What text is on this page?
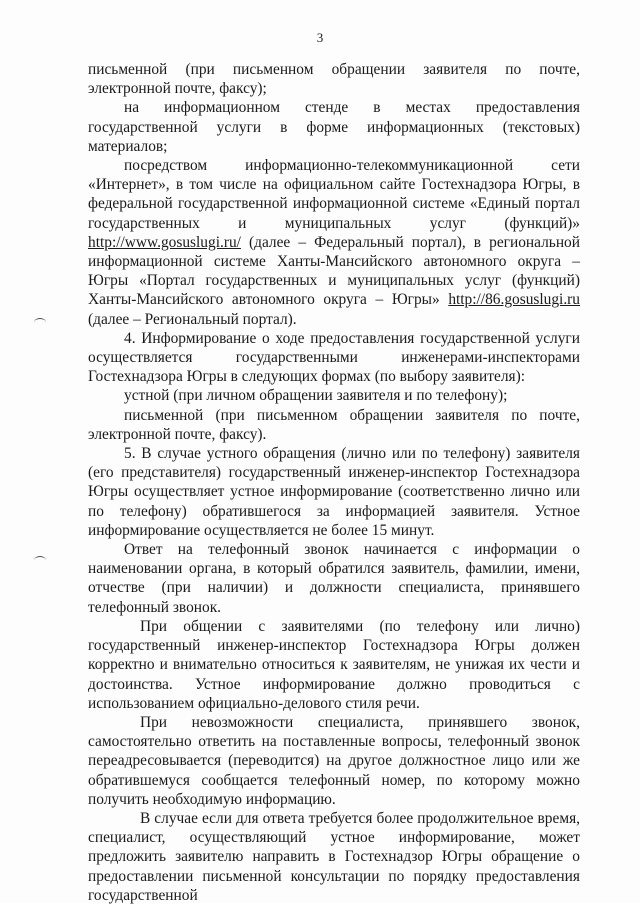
3

письменной (при письменном обращении заявителя по почте, электронной почте, факсу);

на информационном стенде в местах предоставления государственной услуги в форме информационных (текстовых) материалов;

посредством информационно-телекоммуникационной сети «Интернет», в том числе на официальном сайте Гостехнадзора Югры, в федеральной государственной информационной системе «Единый портал государственных и муниципальных услуг (функций)» http://www.gosuslugi.ru/ (далее – Федеральный портал), в региональной информационной системе Ханты-Мансийского автономного округа – Югры «Портал государственных и муниципальных услуг (функций) Ханты-Мансийского автономного округа – Югры» http://86.gosuslugi.ru (далее – Региональный портал).

4. Информирование о ходе предоставления государственной услуги осуществляется государственными инженерами-инспекторами Гостехнадзора Югры в следующих формах (по выбору заявителя):

устной (при личном обращении заявителя и по телефону);

письменной (при письменном обращении заявителя по почте, электронной почте, факсу).

5. В случае устного обращения (лично или по телефону) заявителя (его представителя) государственный инженер-инспектор Гостехнадзора Югры осуществляет устное информирование (соответственно лично или по телефону) обратившегося за информацией заявителя. Устное информирование осуществляется не более 15 минут.

Ответ на телефонный звонок начинается с информации о наименовании органа, в который обратился заявитель, фамилии, имени, отчестве (при наличии) и должности специалиста, принявшего телефонный звонок.

При общении с заявителями (по телефону или лично) государственный инженер-инспектор Гостехнадзора Югры должен корректно и внимательно относиться к заявителям, не унижая их чести и достоинства. Устное информирование должно проводиться с использованием официально-делового стиля речи.

При невозможности специалиста, принявшего звонок, самостоятельно ответить на поставленные вопросы, телефонный звонок переадресовывается (переводится) на другое должностное лицо или же обратившемуся сообщается телефонный номер, по которому можно получить необходимую информацию.

В случае если для ответа требуется более продолжительное время, специалист, осуществляющий устное информирование, может предложить заявителю направить в Гостехнадзор Югры обращение о предоставлении письменной консультации по порядку предоставления государственной
